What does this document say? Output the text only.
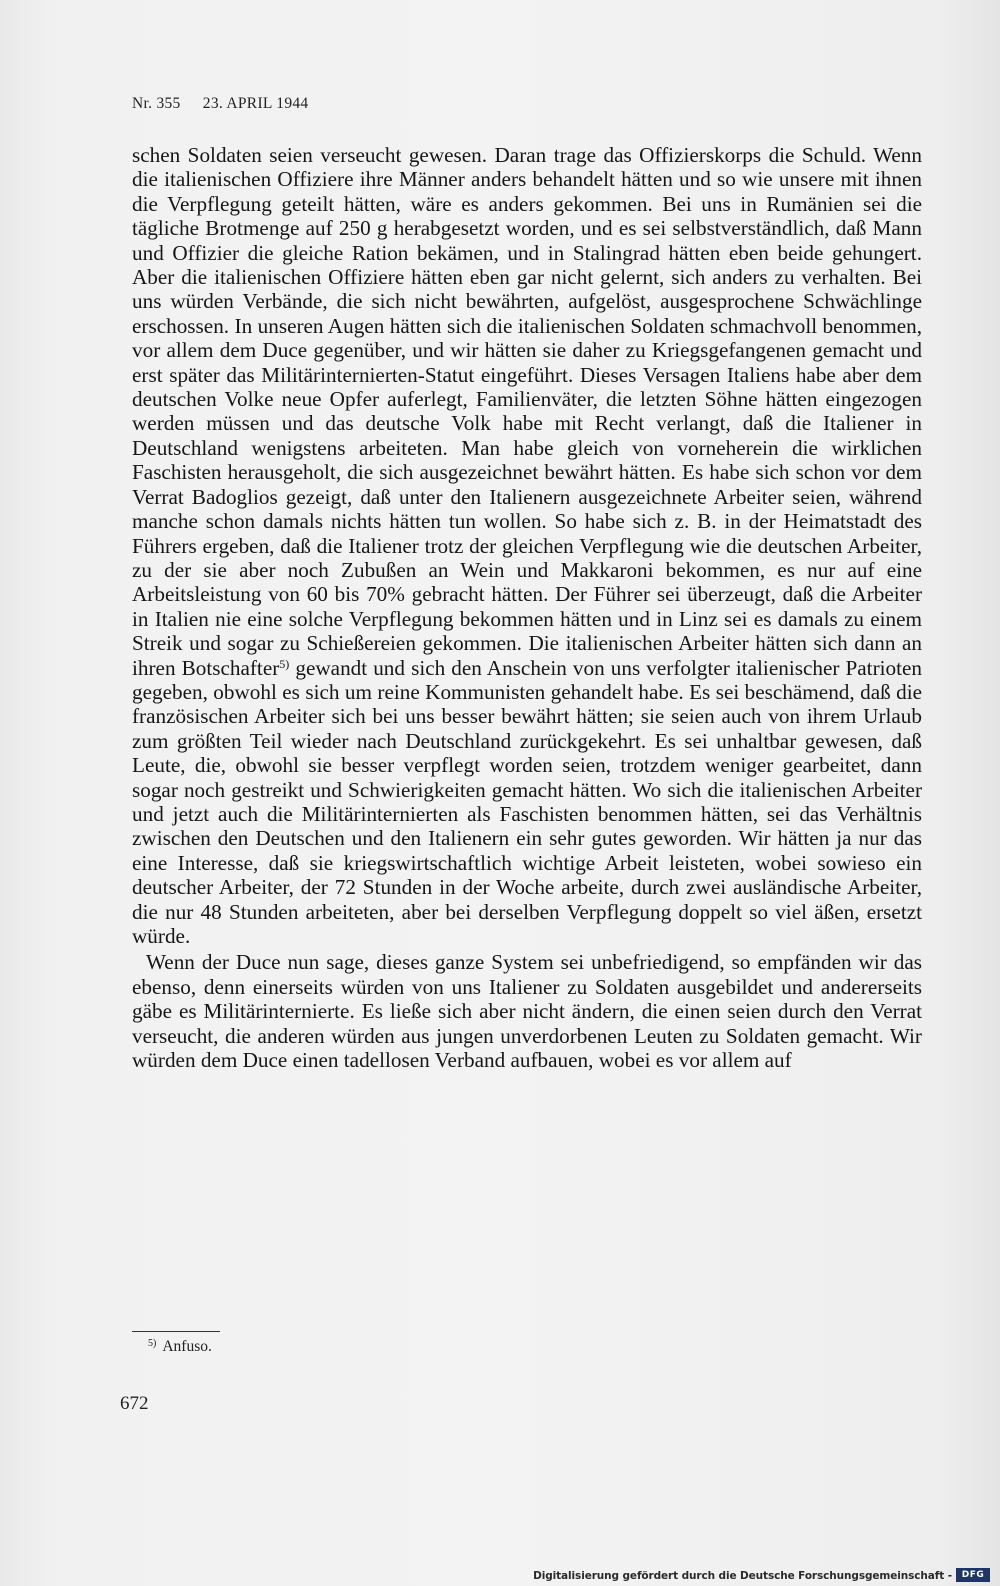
Nr. 355 23. APRIL 1944

schen Soldaten seien verseucht gewesen. Daran trage das Offizierskorps die Schuld. Wenn die italienischen Offiziere ihre Männer anders behandelt hätten und so wie unsere mit ihnen die Verpflegung geteilt hätten, wäre es anders gekommen. Bei uns in Rumänien sei die tägliche Brotmenge auf 250 g herabgesetzt worden, und es sei selbstverständlich, daß Mann und Offizier die gleiche Ration bekämen, und in Stalingrad hätten eben beide gehungert. Aber die italienischen Offiziere hätten eben gar nicht gelernt, sich anders zu verhalten. Bei uns würden Verbände, die sich nicht bewährten, aufgelöst, ausgesprochene Schwächlinge erschossen. In unseren Augen hätten sich die italienischen Soldaten schmachvoll benommen, vor allem dem Duce gegenüber, und wir hätten sie daher zu Kriegsgefangenen gemacht und erst später das Militärinternierten-Statut eingeführt. Dieses Versagen Italiens habe aber dem deutschen Volke neue Opfer auferlegt, Familienväter, die letzten Söhne hätten eingezogen werden müssen und das deutsche Volk habe mit Recht verlangt, daß die Italiener in Deutschland wenigstens arbeiteten. Man habe gleich von vorneherein die wirklichen Faschisten herausgeholt, die sich ausgezeichnet bewährt hätten. Es habe sich schon vor dem Verrat Badoglios gezeigt, daß unter den Italienern ausgezeichnete Arbeiter seien, während manche schon damals nichts hätten tun wollen. So habe sich z. B. in der Heimatstadt des Führers ergeben, daß die Italiener trotz der gleichen Verpflegung wie die deutschen Arbeiter, zu der sie aber noch Zubußen an Wein und Makkaroni bekommen, es nur auf eine Arbeitsleistung von 60 bis 70% gebracht hätten. Der Führer sei überzeugt, daß die Arbeiter in Italien nie eine solche Verpflegung bekommen hätten und in Linz sei es damals zu einem Streik und sogar zu Schießereien gekommen. Die italienischen Arbeiter hätten sich dann an ihren Botschafter$^{5)}$ gewandt und sich den Anschein von uns verfolgter italienischer Patrioten gegeben, obwohl es sich um reine Kommunisten gehandelt habe. Es sei beschämend, daß die französischen Arbeiter sich bei uns besser bewährt hätten; sie seien auch von ihrem Urlaub zum größten Teil wieder nach Deutschland zurückgekehrt. Es sei unhaltbar gewesen, daß Leute, die, obwohl sie besser verpflegt worden seien, trotzdem weniger gearbeitet, dann sogar noch gestreikt und Schwierigkeiten gemacht hätten. Wo sich die italienischen Arbeiter und jetzt auch die Militärinternierten als Faschisten benommen hätten, sei das Verhältnis zwischen den Deutschen und den Italienern ein sehr gutes geworden. Wir hätten ja nur das eine Interesse, daß sie kriegswirtschaftlich wichtige Arbeit leisteten, wobei sowieso ein deutscher Arbeiter, der 72 Stunden in der Woche arbeite, durch zwei ausländische Arbeiter, die nur 48 Stunden arbeiteten, aber bei derselben Verpflegung doppelt so viel äßen, ersetzt würde.

Wenn der Duce nun sage, dieses ganze System sei unbefriedigend, so empfänden wir das ebenso, denn einerseits würden von uns Italiener zu Soldaten ausgebildet und andererseits gäbe es Militärinternierte. Es ließe sich aber nicht ändern, die einen seien durch den Verrat verseucht, die anderen würden aus jungen unverdorbenen Leuten zu Soldaten gemacht. Wir würden dem Duce einen tadellosen Verband aufbauen, wobei es vor allem auf

$^{5)}$ Anfuso.
672
Digitalisierung gefördert durch die Deutsche Forschungsgemeinschaft -	DFG
